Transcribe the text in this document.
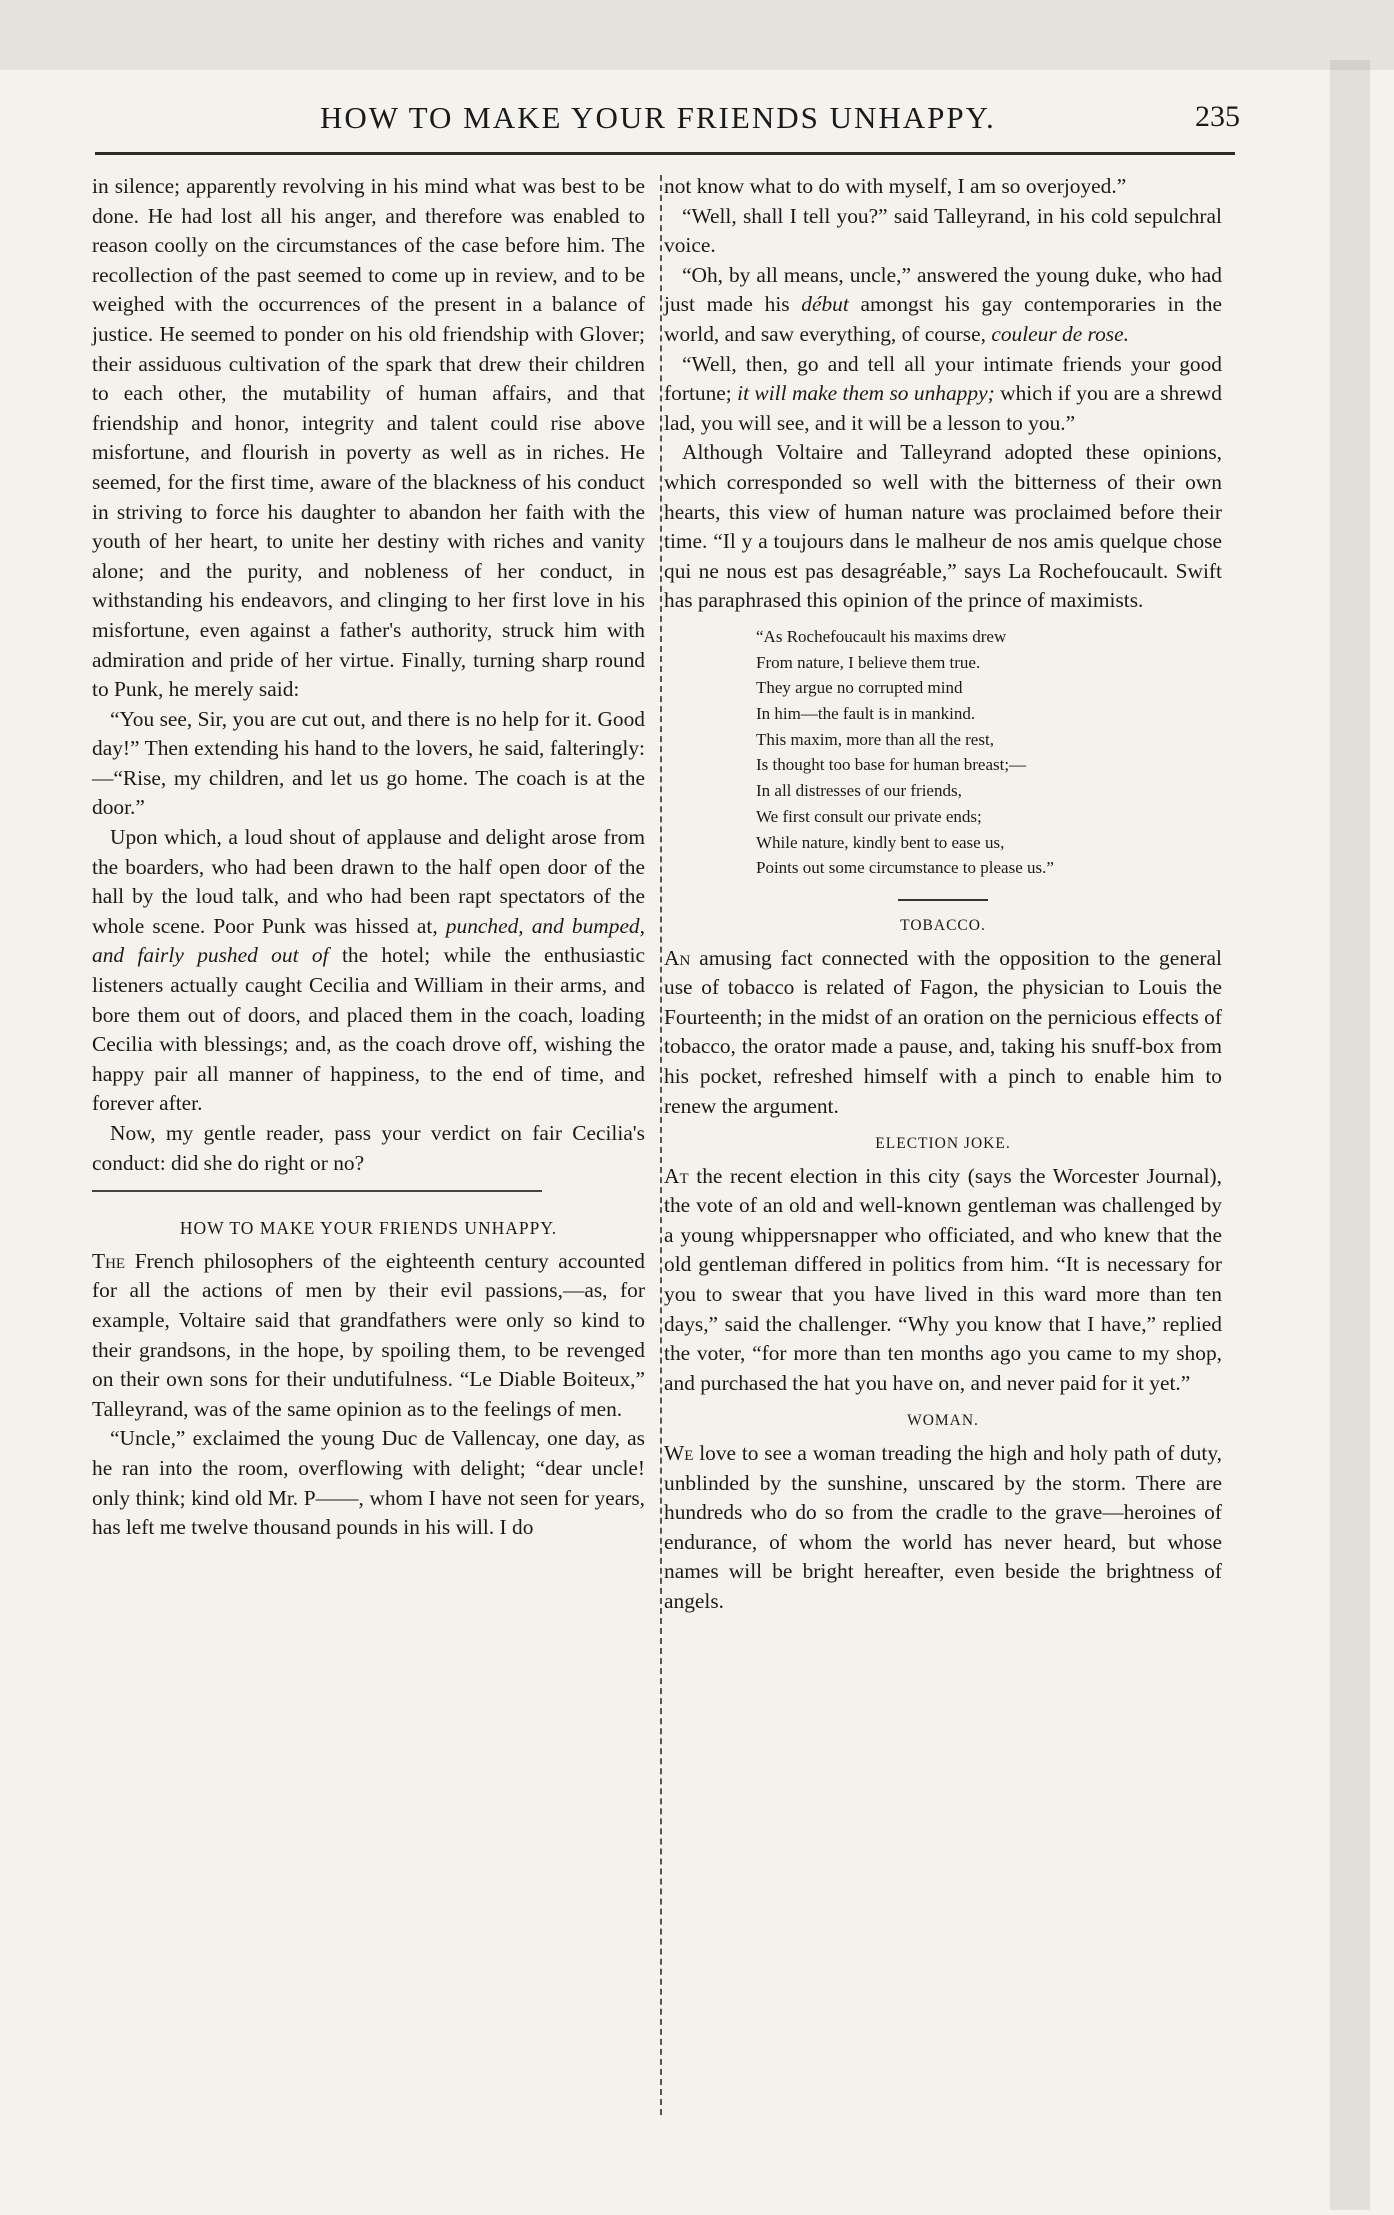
HOW TO MAKE YOUR FRIENDS UNHAPPY.	235

in silence; apparently revolving in his mind what was best to be done. He had lost all his anger, and therefore was enabled to reason coolly on the circumstances of the case before him. The recollection of the past seemed to come up in review, and to be weighed with the occurrences of the present in a balance of justice. He seemed to ponder on his old friendship with Glover; their assiduous cultivation of the spark that drew their children to each other, the mutability of human affairs, and that friendship and honor, integrity and talent could rise above misfortune, and flourish in poverty as well as in riches. He seemed, for the first time, aware of the blackness of his conduct in striving to force his daughter to abandon her faith with the youth of her heart, to unite her destiny with riches and vanity alone; and the purity, and nobleness of her conduct, in withstanding his endeavors, and clinging to her first love in his misfortune, even against a father's authority, struck him with admiration and pride of her virtue. Finally, turning sharp round to Punk, he merely said:

“You see, Sir, you are cut out, and there is no help for it. Good day!” Then extending his hand to the lovers, he said, falteringly:—“Rise, my children, and let us go home. The coach is at the door.”

Upon which, a loud shout of applause and delight arose from the boarders, who had been drawn to the half open door of the hall by the loud talk, and who had been rapt spectators of the whole scene. Poor Punk was hissed at, punched, and bumped, and fairly pushed out of the hotel; while the enthusiastic listeners actually caught Cecilia and William in their arms, and bore them out of doors, and placed them in the coach, loading Cecilia with blessings; and, as the coach drove off, wishing the happy pair all manner of happiness, to the end of time, and forever after.

Now, my gentle reader, pass your verdict on fair Cecilia's conduct: did she do right or no?

HOW TO MAKE YOUR FRIENDS UNHAPPY.

The French philosophers of the eighteenth century accounted for all the actions of men by their evil passions,—as, for example, Voltaire said that grandfathers were only so kind to their grandsons, in the hope, by spoiling them, to be revenged on their own sons for their undutifulness. “Le Diable Boiteux,” Talleyrand, was of the same opinion as to the feelings of men.

“Uncle,” exclaimed the young Duc de Vallencay, one day, as he ran into the room, overflowing with delight; “dear uncle! only think; kind old Mr. P——, whom I have not seen for years, has left me twelve thousand pounds in his will. I do

not know what to do with myself, I am so overjoyed.”

“Well, shall I tell you?” said Talleyrand, in his cold sepulchral voice.

“Oh, by all means, uncle,” answered the young duke, who had just made his début amongst his gay contemporaries in the world, and saw everything, of course, couleur de rose.

“Well, then, go and tell all your intimate friends your good fortune; it will make them so unhappy; which if you are a shrewd lad, you will see, and it will be a lesson to you.”

Although Voltaire and Talleyrand adopted these opinions, which corresponded so well with the bitterness of their own hearts, this view of human nature was proclaimed before their time. “Il y a toujours dans le malheur de nos amis quelque chose qui ne nous est pas desagréable,” says La Rochefoucault. Swift has paraphrased this opinion of the prince of maximists.

“As Rochefoucault his maxims drew
From nature, I believe them true.
They argue no corrupted mind
In him—the fault is in mankind.
This maxim, more than all the rest,
Is thought too base for human breast;—
In all distresses of our friends,
We first consult our private ends;
While nature, kindly bent to ease us,
Points out some circumstance to please us.”
TOBACCO.

An amusing fact connected with the opposition to the general use of tobacco is related of Fagon, the physician to Louis the Fourteenth; in the midst of an oration on the pernicious effects of tobacco, the orator made a pause, and, taking his snuff-box from his pocket, refreshed himself with a pinch to enable him to renew the argument.

ELECTION JOKE.

At the recent election in this city (says the Worcester Journal), the vote of an old and well-known gentleman was challenged by a young whippersnapper who officiated, and who knew that the old gentleman differed in politics from him. “It is necessary for you to swear that you have lived in this ward more than ten days,” said the challenger. “Why you know that I have,” replied the voter, “for more than ten months ago you came to my shop, and purchased the hat you have on, and never paid for it yet.”

WOMAN.

We love to see a woman treading the high and holy path of duty, unblinded by the sunshine, unscared by the storm. There are hundreds who do so from the cradle to the grave—heroines of endurance, of whom the world has never heard, but whose names will be bright hereafter, even beside the brightness of angels.
